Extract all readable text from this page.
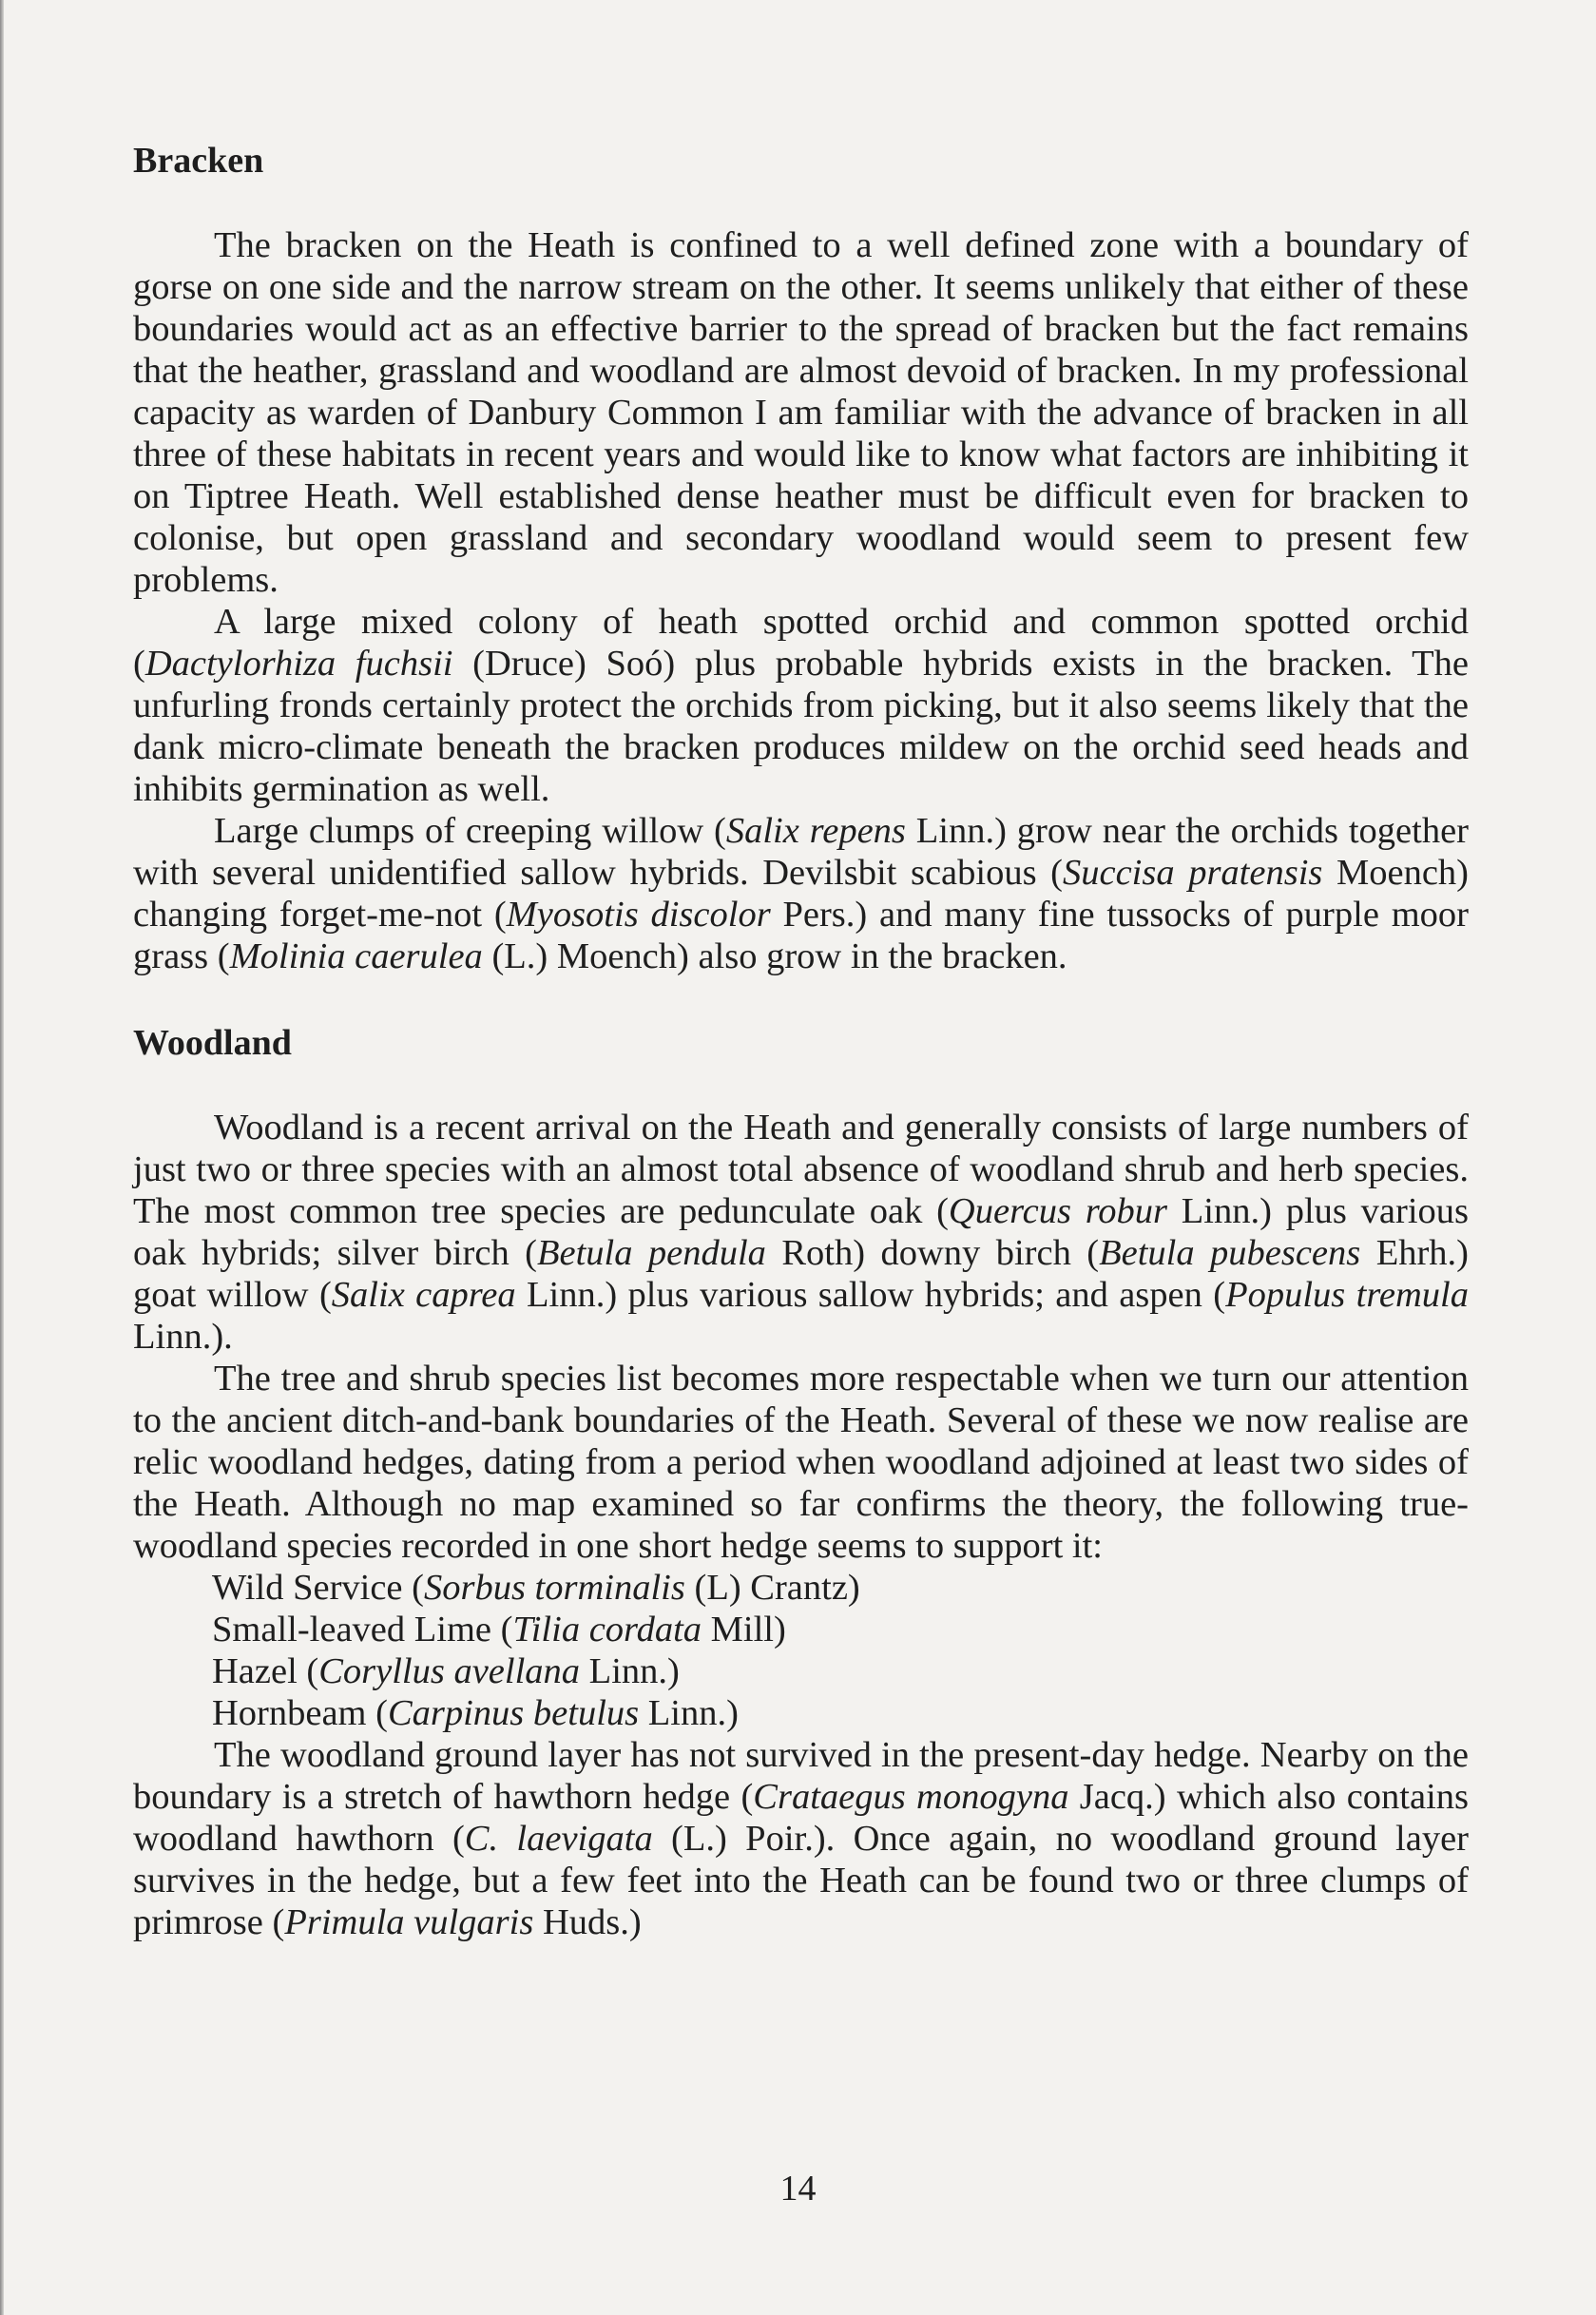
Bracken

The bracken on the Heath is confined to a well defined zone with a boundary of gorse on one side and the narrow stream on the other. It seems unlikely that either of these boundaries would act as an effective barrier to the spread of bracken but the fact remains that the heather, grassland and woodland are almost devoid of bracken. In my professional capacity as warden of Danbury Common I am familiar with the advance of bracken in all three of these habitats in recent years and would like to know what factors are inhibiting it on Tiptree Heath. Well established dense heather must be difficult even for bracken to colonise, but open grassland and secondary woodland would seem to present few problems.

A large mixed colony of heath spotted orchid and common spotted orchid (Dactylorhiza fuchsii (Druce) Soó) plus probable hybrids exists in the bracken. The unfurling fronds certainly protect the orchids from picking, but it also seems likely that the dank micro-climate beneath the bracken produces mildew on the orchid seed heads and inhibits germination as well.

Large clumps of creeping willow (Salix repens Linn.) grow near the orchids together with several unidentified sallow hybrids. Devilsbit scabious (Succisa pratensis Moench) changing forget-me-not (Myosotis discolor Pers.) and many fine tussocks of purple moor grass (Molinia caerulea (L.) Moench) also grow in the bracken.

Woodland

Woodland is a recent arrival on the Heath and generally consists of large numbers of just two or three species with an almost total absence of woodland shrub and herb species. The most common tree species are pedunculate oak (Quercus robur Linn.) plus various oak hybrids; silver birch (Betula pendula Roth) downy birch (Betula pubescens Ehrh.) goat willow (Salix caprea Linn.) plus various sallow hybrids; and aspen (Populus tremula Linn.).

The tree and shrub species list becomes more respectable when we turn our attention to the ancient ditch-and-bank boundaries of the Heath. Several of these we now realise are relic woodland hedges, dating from a period when woodland adjoined at least two sides of the Heath. Although no map examined so far confirms the theory, the following true-woodland species recorded in one short hedge seems to support it:

Wild Service (Sorbus torminalis (L) Crantz)
Small-leaved Lime (Tilia cordata Mill)
Hazel (Coryllus avellana Linn.)
Hornbeam (Carpinus betulus Linn.)

The woodland ground layer has not survived in the present-day hedge. Nearby on the boundary is a stretch of hawthorn hedge (Crataegus monogyna Jacq.) which also contains woodland hawthorn (C. laevigata (L.) Poir.). Once again, no woodland ground layer survives in the hedge, but a few feet into the Heath can be found two or three clumps of primrose (Primula vulgaris Huds.)

14
